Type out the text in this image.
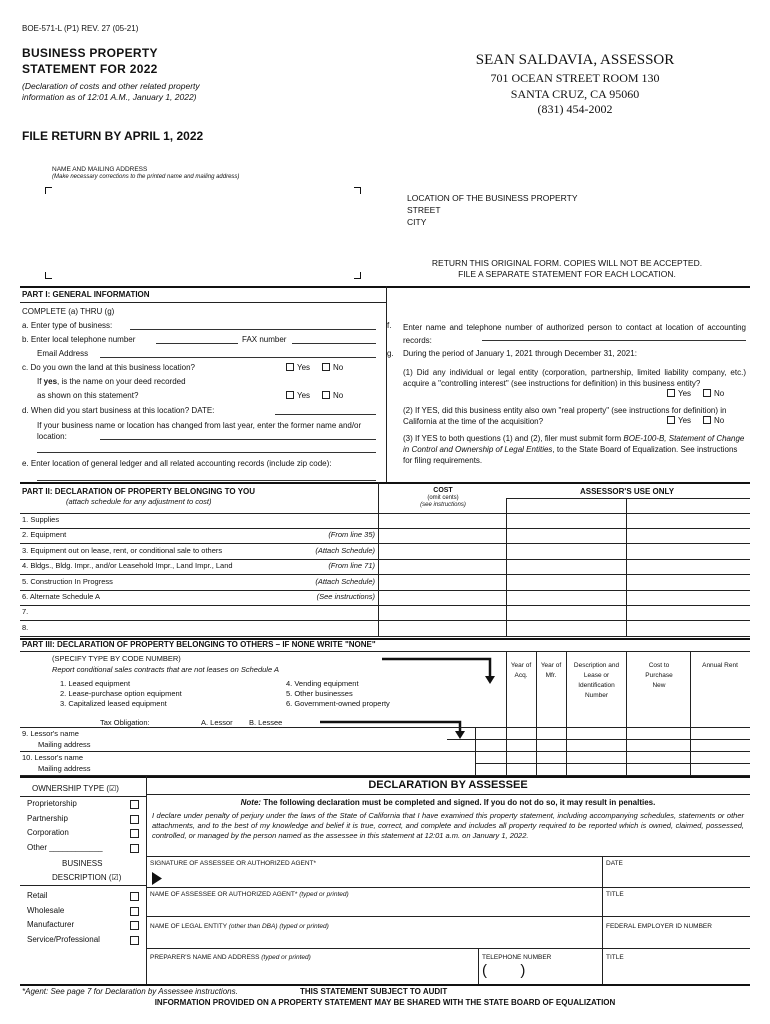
BOE-571-L (P1) REV. 27 (05-21)
BUSINESS PROPERTY
STATEMENT FOR 2022
(Declaration of costs and other related property information as of 12:01 A.M., January 1, 2022)
FILE RETURN BY APRIL 1, 2022
SEAN SALDAVIA, ASSESSOR
701 OCEAN STREET ROOM 130
SANTA CRUZ, CA 95060
(831) 454-2002
NAME AND MAILING ADDRESS
(Make necessary corrections to the printed name and mailing address)
LOCATION OF THE BUSINESS PROPERTY
STREET
CITY
RETURN THIS ORIGINAL FORM. COPIES WILL NOT BE ACCEPTED.
FILE A SEPARATE STATEMENT FOR EACH LOCATION.
PART I: GENERAL INFORMATION
COMPLETE (a) THRU (g)
a. Enter type of business:
b. Enter local telephone number	FAX number
Email Address
c. Do you own the land at this business location?	Yes	No
If yes, is the name on your deed recorded
as shown on this statement?	Yes	No
d. When did you start business at this location? DATE:
If your business name or location has changed from last year, enter the former name and/or location:
e. Enter location of general ledger and all related accounting records (include zip code):
f. Enter name and telephone number of authorized person to contact at location of accounting records:
g. During the period of January 1, 2021 through December 31, 2021:
(1) Did any individual or legal entity (corporation, partnership, limited liability company, etc.) acquire a "controlling interest" (see instructions for definition) in this business entity?
Yes	No
(2) If YES, did this business entity also own "real property" (see instructions for definition) in California at the time of the acquisition?	Yes	No
(3) If YES to both questions (1) and (2), filer must submit form BOE-100-B, Statement of Change in Control and Ownership of Legal Entities, to the State Board of Equalization. See instructions for filing requirements.
PART II: DECLARATION OF PROPERTY BELONGING TO YOU
(attach schedule for any adjustment to cost)
COST
(omit cents)
(see instructions)
ASSESSOR'S USE ONLY
1. Supplies
2. Equipment	(From line 35)
3. Equipment out on lease, rent, or conditional sale to others	(Attach Schedule)
4. Bldgs., Bldg. Impr., and/or Leasehold Impr., Land Impr., Land	(From line 71)
5. Construction In Progress	(Attach Schedule)
6. Alternate Schedule A	(See instructions)
7.
8.
PART III: DECLARATION OF PROPERTY BELONGING TO OTHERS – IF NONE WRITE "NONE"
(SPECIFY TYPE BY CODE NUMBER)
Report conditional sales contracts that are not leases on Schedule A
1. Leased equipment
2. Lease-purchase option equipment
3. Capitalized leased equipment
4. Vending equipment
5. Other businesses
6. Government-owned property
Tax Obligation:	A. Lessor B. Lessee
Year of Acq.
Year of Mfr.
Description and Lease or Identification Number
Cost to Purchase New
Annual Rent
9. Lessor's name
Mailing address
10. Lessor's name
Mailing address
OWNERSHIP TYPE (☑)
Proprietorship
Partnership
Corporation
Other ____________
BUSINESS
DESCRIPTION (☑)
Retail
Wholesale
Manufacturer
Service/Professional
DECLARATION BY ASSESSEE
Note: The following declaration must be completed and signed. If you do not do so, it may result in penalties.
I declare under penalty of perjury under the laws of the State of California that I have examined this property statement, including accompanying schedules, statements or other attachments, and to the best of my knowledge and belief it is true, correct, and complete and includes all property required to be reported which is owned, claimed, possessed, controlled, or managed by the person named as the assessee in this statement at 12:01 a.m. on January 1, 2022.
SIGNATURE OF ASSESSEE OR AUTHORIZED AGENT*	DATE
NAME OF ASSESSEE OR AUTHORIZED AGENT* (typed or printed)	TITLE
NAME OF LEGAL ENTITY (other than DBA) (typed or printed)	FEDERAL EMPLOYER ID NUMBER
PREPARER'S NAME AND ADDRESS (typed or printed)	TELEPHONE NUMBER
(        )
TITLE
*Agent: See page 7 for Declaration by Assessee instructions.	THIS STATEMENT SUBJECT TO AUDIT
INFORMATION PROVIDED ON A PROPERTY STATEMENT MAY BE SHARED WITH THE STATE BOARD OF EQUALIZATION
